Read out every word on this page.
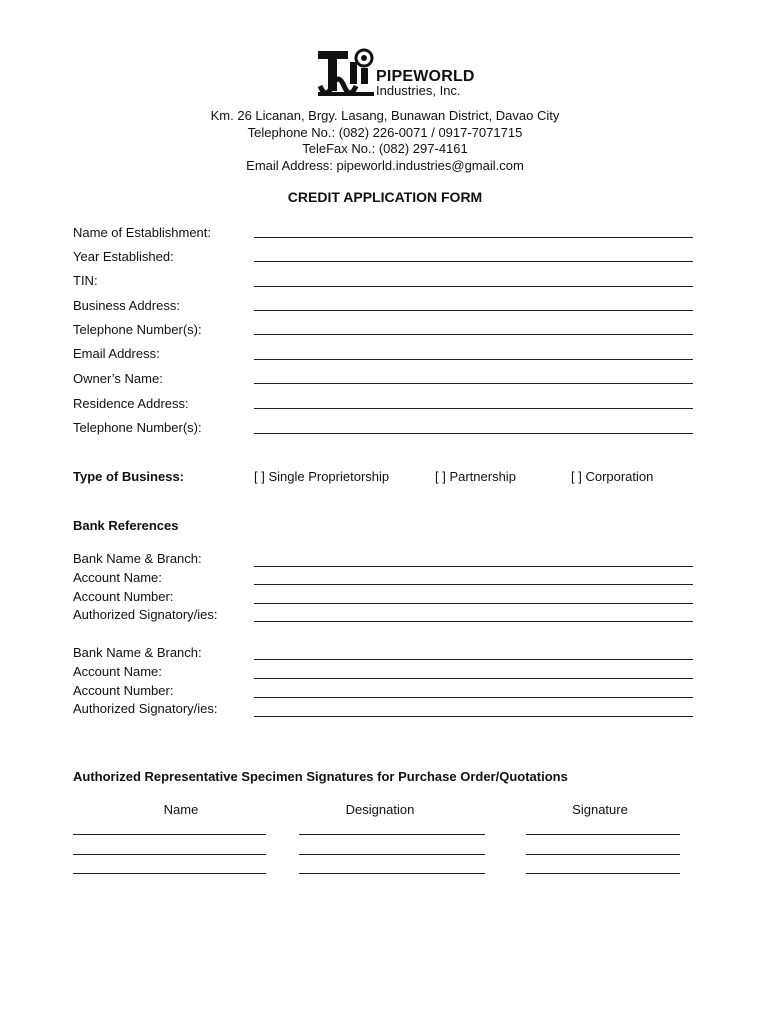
PIPEWORLD
Industries, Inc.
Km. 26 Licanan, Brgy. Lasang, Bunawan District, Davao City
Telephone No.: (082) 226-0071 / 0917-7071715
TeleFax No.: (082) 297-4161
Email Address: pipeworld.industries@gmail.com
CREDIT APPLICATION FORM
Name of Establishment:
Year Established:
TIN:
Business Address:
Telephone Number(s):
Email Address:
Owner’s Name:
Residence Address:
Telephone Number(s):
Type of Business:	[ ] Single Proprietorship	[ ] Partnership	[ ] Corporation
Bank References
Bank Name & Branch:
Account Name:
Account Number:
Authorized Signatory/ies:
Bank Name & Branch:
Account Name:
Account Number:
Authorized Signatory/ies:
Authorized Representative Specimen Signatures for Purchase Order/Quotations
Name	Designation	Signature
